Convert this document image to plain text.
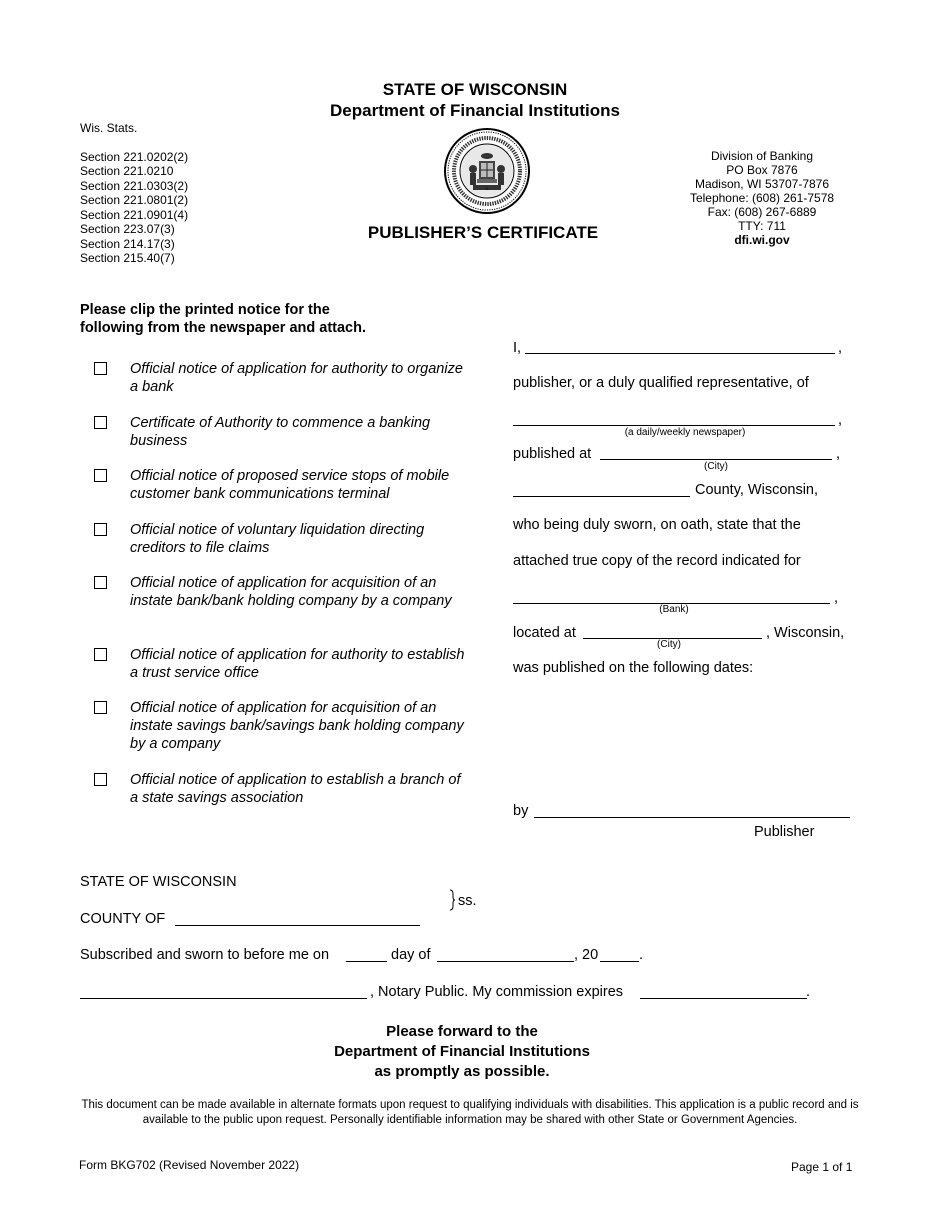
STATE OF WISCONSIN
Department of Financial Institutions
Wis. Stats.
Section 221.0202(2)
Section 221.0210
Section 221.0303(2)
Section 221.0801(2)
Section 221.0901(4)
Section 223.07(3)
Section 214.17(3)
Section 215.40(7)
Division of Banking
PO Box 7876
Madison, WI 53707-7876
Telephone: (608) 261-7578
Fax: (608) 267-6889
TTY: 711
dfi.wi.gov
PUBLISHER’S CERTIFICATE
Please clip the printed notice for the
following from the newspaper and attach.
Official notice of application for authority to organize a bank
Certificate of Authority to commence a banking business
Official notice of proposed service stops of mobile customer bank communications terminal
Official notice of voluntary liquidation directing creditors to file claims
Official notice of application for acquisition of an instate bank/bank holding company by a company
Official notice of application for authority to establish a trust service office
Official notice of application for acquisition of an instate savings bank/savings bank holding company by a company
Official notice of application to establish a branch of a state savings association
I,	,
publisher, or a duly qualified representative, of
,
(a daily/weekly newspaper)
published at	,
(City)
County, Wisconsin,
who being duly sworn, on oath, state that the
attached true copy of the record indicated for
,
(Bank)
located at	, Wisconsin,
(City)
was published on the following dates:
by
Publisher
STATE OF WISCONSIN
ss.
COUNTY OF
Subscribed and sworn to before me on	day of	, 20	.
, Notary Public. My commission expires	.
Please forward to the
Department of Financial Institutions
as promptly as possible.
This document can be made available in alternate formats upon request to qualifying individuals with disabilities. This application is a public record and is available to the public upon request. Personally identifiable information may be shared with other State or Government Agencies.
Form BKG702 (Revised November 2022)	Page 1 of 1
